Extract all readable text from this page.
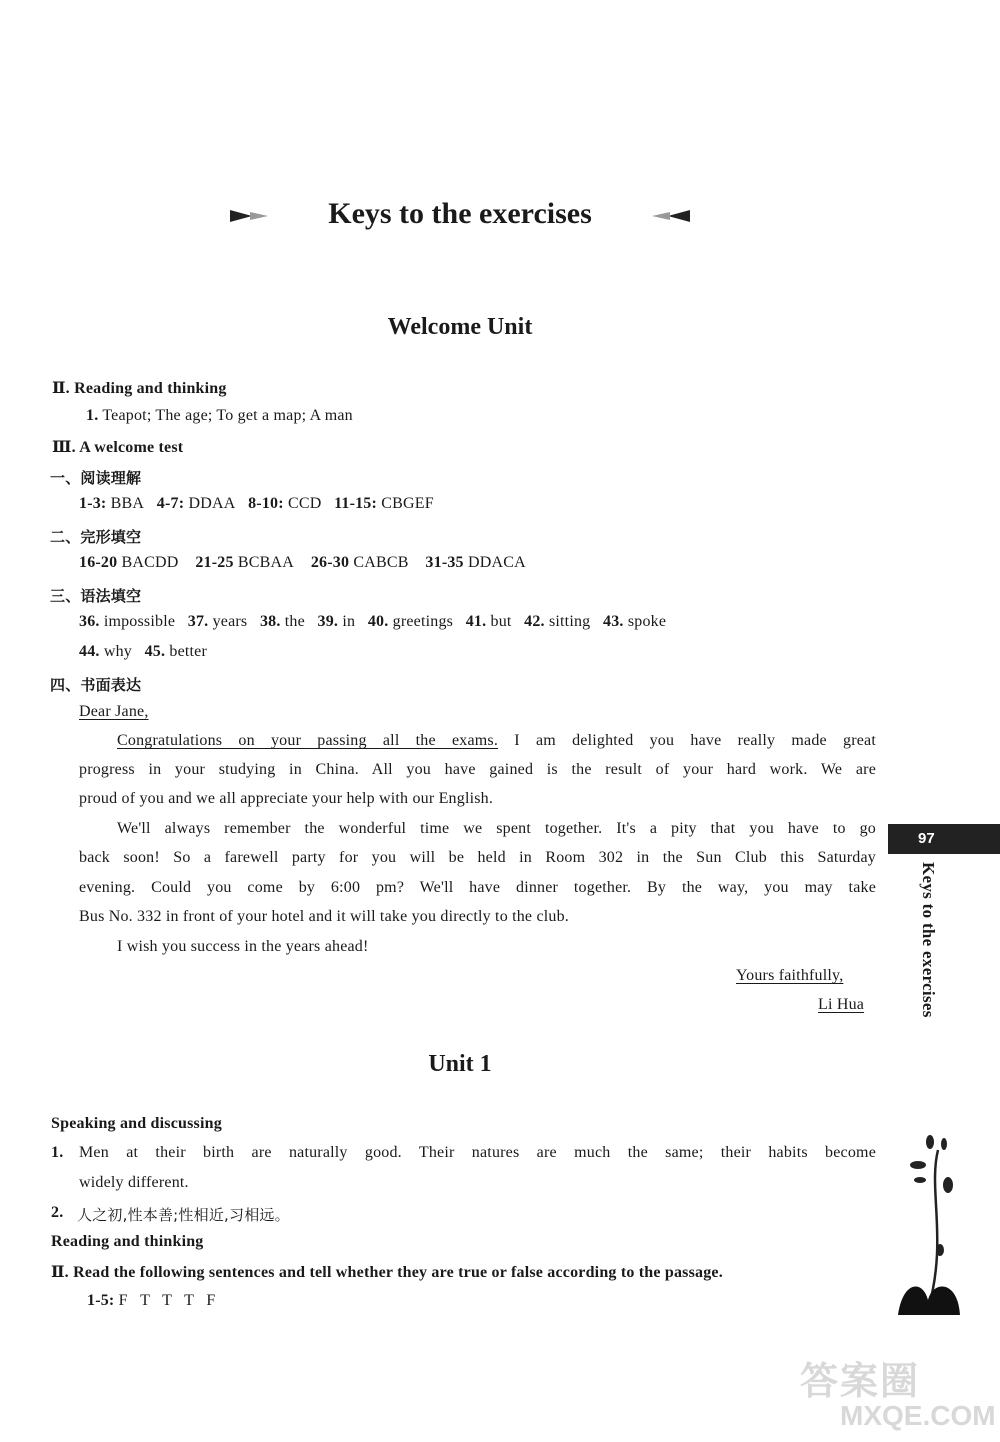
Keys to the exercises
Welcome Unit
Ⅱ. Reading and thinking
1. Teapot; The age; To get a map; A man
Ⅲ. A welcome test
一、阅读理解
1-3: BBA 4-7: DDAA 8-10: CCD 11-15: CBGEF
二、完形填空
16-20 BACDD 21-25 BCBAA 26-30 CABCB 31-35 DDACA
三、语法填空
36. impossible 37. years 38. the 39. in 40. greetings 41. but 42. sitting 43. spoke
44. why 45. better
四、书面表达
Dear Jane,
Congratulations on your passing all the exams. I am delighted you have really made great
progress in your studying in China. All you have gained is the result of your hard work. We are
proud of you and we all appreciate your help with our English.
We'll always remember the wonderful time we spent together. It's a pity that you have to go
back soon! So a farewell party for you will be held in Room 302 in the Sun Club this Saturday
evening. Could you come by 6:00 pm? We'll have dinner together. By the way, you may take
Bus No. 332 in front of your hotel and it will take you directly to the club.
I wish you success in the years ahead!
Yours faithfully,
Li Hua
Unit 1
Speaking and discussing
1. Men at their birth are naturally good. Their natures are much the same; their habits become
widely different.
2. 人之初,性本善;性相近,习相远。
Reading and thinking
Ⅱ. Read the following sentences and tell whether they are true or false according to the passage.
1-5: F   T   T   T   F
97
Keys to the exercises
答案圈
MXQE.COM
